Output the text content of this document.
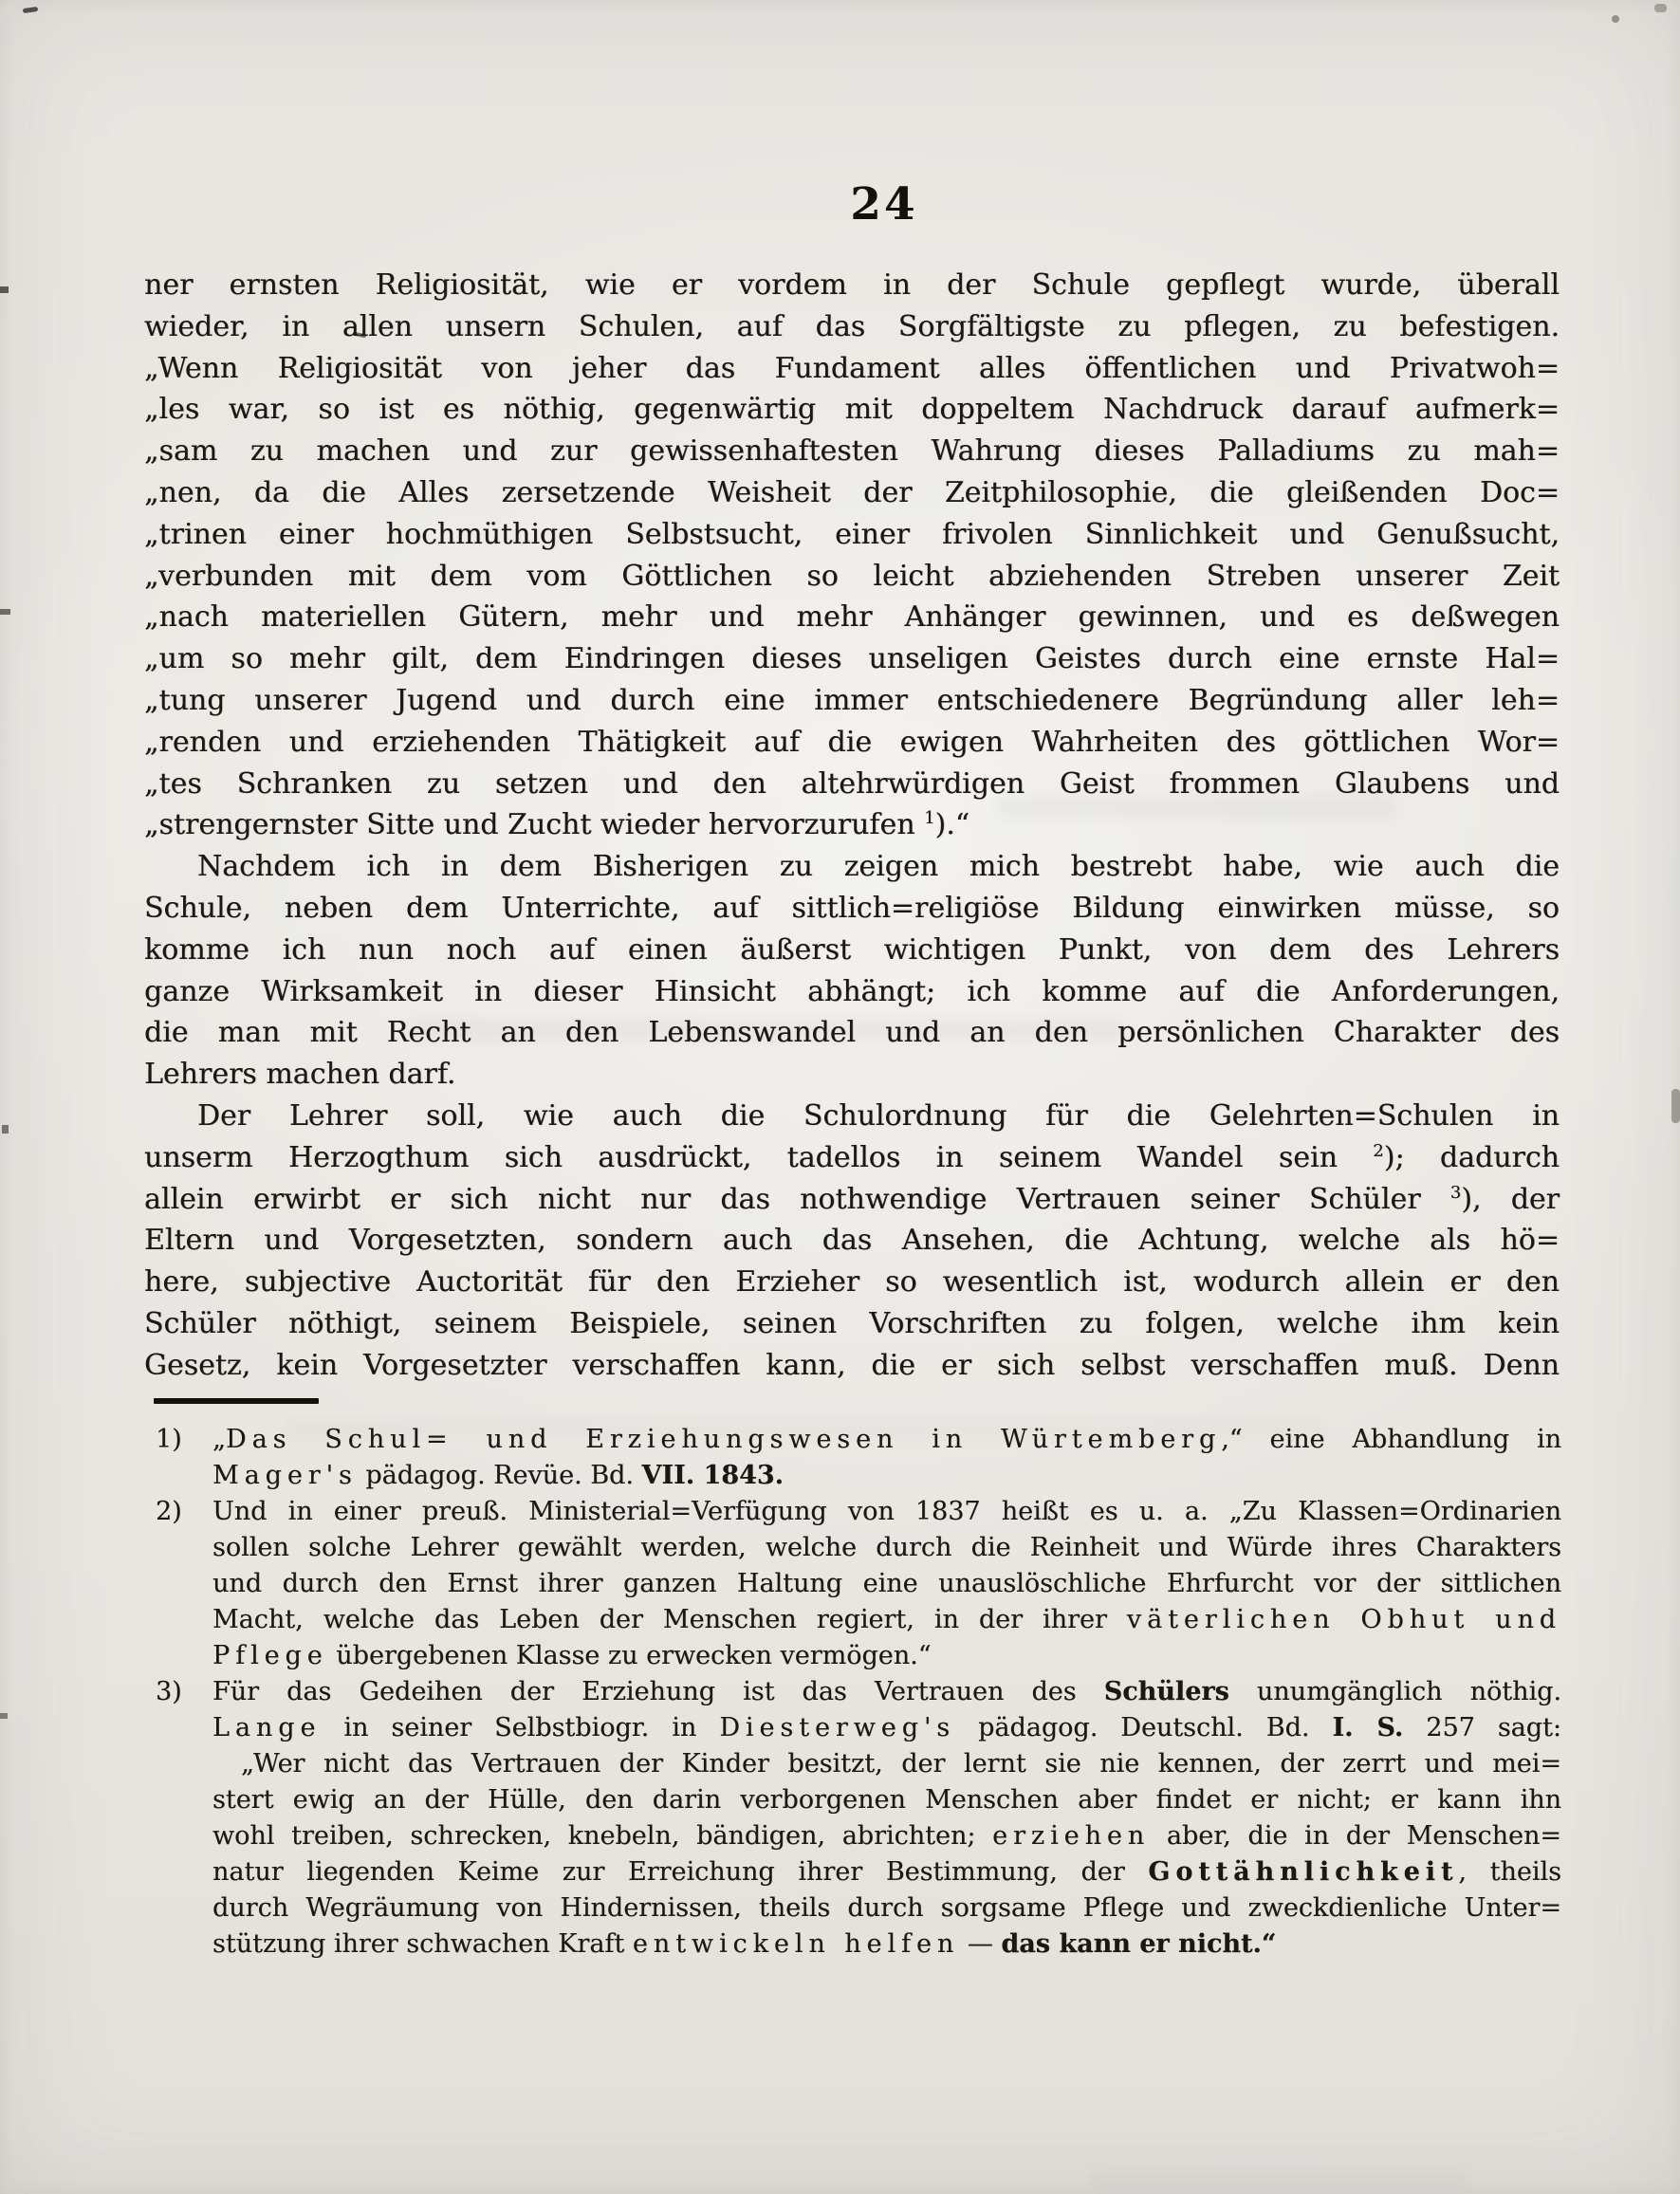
24
ner ernsten Religiosität, wie er vordem in der Schule gepflegt wurde, überall
wieder, in allen unsern Schulen, auf das Sorgfältigste zu pflegen, zu befestigen.
„Wenn Religiosität von jeher das Fundament alles öffentlichen und Privatwoh=
„les war, so ist es nöthig, gegenwärtig mit doppeltem Nachdruck darauf aufmerk=
„sam zu machen und zur gewissenhaftesten Wahrung dieses Palladiums zu mah=
„nen, da die Alles zersetzende Weisheit der Zeitphilosophie, die gleißenden Doc=
„trinen einer hochmüthigen Selbstsucht, einer frivolen Sinnlichkeit und Genußsucht,
„verbunden mit dem vom Göttlichen so leicht abziehenden Streben unserer Zeit
„nach materiellen Gütern, mehr und mehr Anhänger gewinnen, und es deßwegen
„um so mehr gilt, dem Eindringen dieses unseligen Geistes durch eine ernste Hal=
„tung unserer Jugend und durch eine immer entschiedenere Begründung aller leh=
„renden und erziehenden Thätigkeit auf die ewigen Wahrheiten des göttlichen Wor=
„tes Schranken zu setzen und den altehrwürdigen Geist frommen Glaubens und
„strengernster Sitte und Zucht wieder hervorzurufen $^1$).“
Nachdem ich in dem Bisherigen zu zeigen mich bestrebt habe, wie auch die
Schule, neben dem Unterrichte, auf sittlich=religiöse Bildung einwirken müsse, so
komme ich nun noch auf einen äußerst wichtigen Punkt, von dem des Lehrers
ganze Wirksamkeit in dieser Hinsicht abhängt; ich komme auf die Anforderungen,
die man mit Recht an den Lebenswandel und an den persönlichen Charakter des
Lehrers machen darf.
Der Lehrer soll, wie auch die Schulordnung für die Gelehrten=Schulen in
unserm Herzogthum sich ausdrückt, tadellos in seinem Wandel sein $^2$); dadurch
allein erwirbt er sich nicht nur das nothwendige Vertrauen seiner Schüler $^3$), der
Eltern und Vorgesetzten, sondern auch das Ansehen, die Achtung, welche als hö=
here, subjective Auctorität für den Erzieher so wesentlich ist, wodurch allein er den
Schüler nöthigt, seinem Beispiele, seinen Vorschriften zu folgen, welche ihm kein
Gesetz, kein Vorgesetzter verschaffen kann, die er sich selbst verschaffen muß. Denn
1) „Das Schul= und Erziehungswesen in Würtemberg,“ eine Abhandlung in
Mager's pädagog. Revüe. Bd. VII. 1843.
2) Und in einer preuß. Ministerial=Verfügung von 1837 heißt es u. a. „Zu Klassen=Ordinarien
sollen solche Lehrer gewählt werden, welche durch die Reinheit und Würde ihres Charakters
und durch den Ernst ihrer ganzen Haltung eine unauslöschliche Ehrfurcht vor der sittlichen
Macht, welche das Leben der Menschen regiert, in der ihrer väterlichen Obhut und
Pflege übergebenen Klasse zu erwecken vermögen.“
3) Für das Gedeihen der Erziehung ist das Vertrauen des Schülers unumgänglich nöthig.
Lange in seiner Selbstbiogr. in Diesterweg's pädagog. Deutschl. Bd. I. S. 257 sagt:
„Wer nicht das Vertrauen der Kinder besitzt, der lernt sie nie kennen, der zerrt und mei=
stert ewig an der Hülle, den darin verborgenen Menschen aber findet er nicht; er kann ihn
wohl treiben, schrecken, knebeln, bändigen, abrichten; erziehen aber, die in der Menschen=
natur liegenden Keime zur Erreichung ihrer Bestimmung, der Gottähnlichkeit, theils
durch Wegräumung von Hindernissen, theils durch sorgsame Pflege und zweckdienliche Unter=
stützung ihrer schwachen Kraft entwickeln helfen — das kann er nicht.“
